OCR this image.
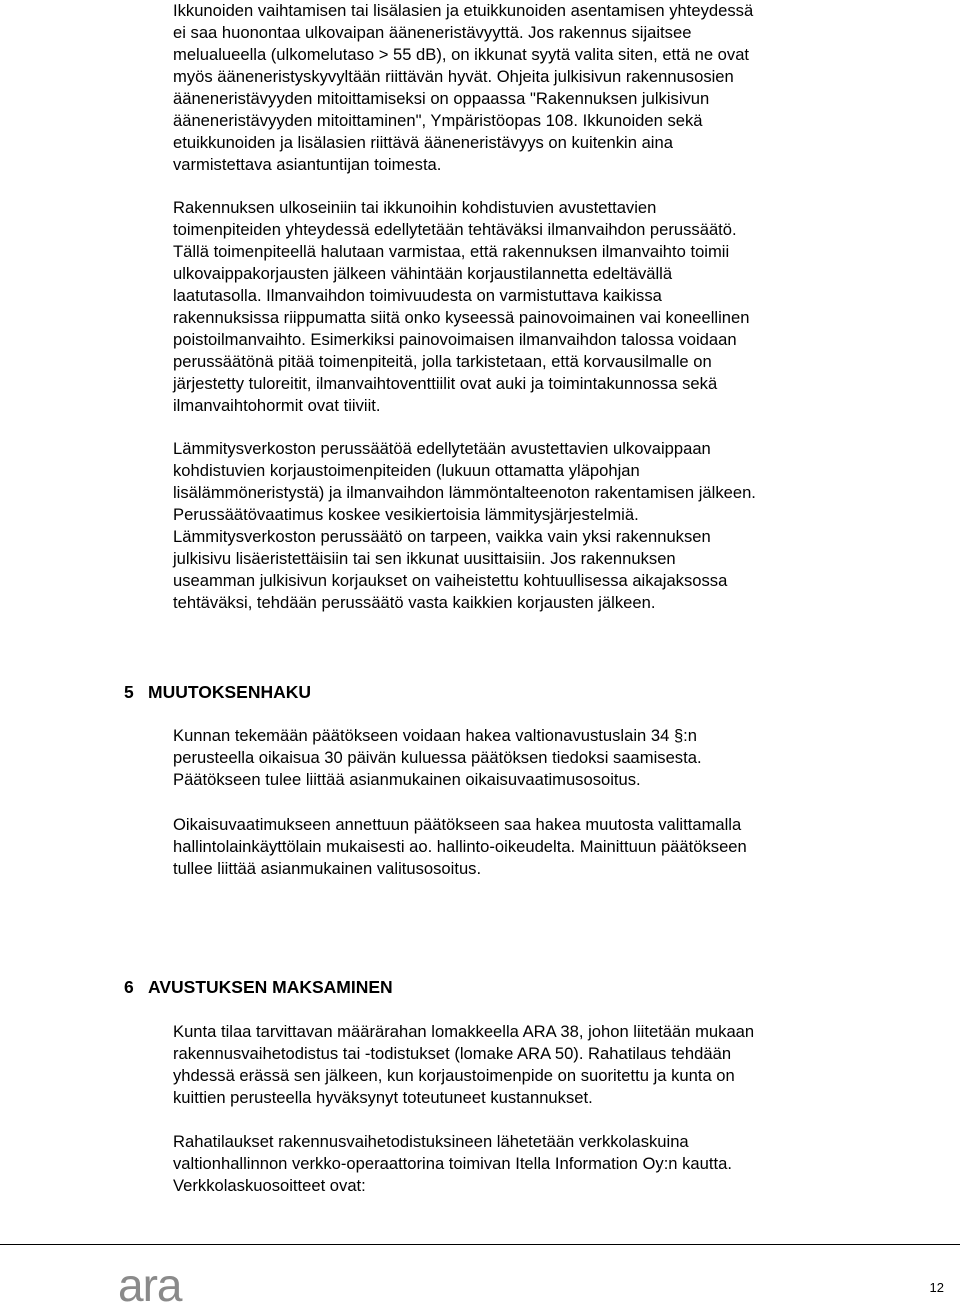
Ikkunoiden vaihtamisen tai lisälasien ja etuikkunoiden asentamisen yhteydessä
ei saa huonontaa ulkovaipan ääneneristävyyttä. Jos rakennus sijaitsee
melualueella (ulkomelutaso > 55 dB), on ikkunat syytä valita siten, että ne ovat
myös ääneneristyskyvyltään riittävän hyvät. Ohjeita julkisivun rakennusosien
ääneneristävyyden mitoittamiseksi on oppaassa "Rakennuksen julkisivun
ääneneristävyyden mitoittaminen", Ympäristöopas 108. Ikkunoiden sekä
etuikkunoiden ja lisälasien riittävä ääneneristävyys on kuitenkin aina
varmistettava asiantuntijan toimesta.

Rakennuksen ulkoseiniin tai ikkunoihin kohdistuvien avustettavien
toimenpiteiden yhteydessä edellytetään tehtäväksi ilmanvaihdon perussäätö.
Tällä toimenpiteellä halutaan varmistaa, että rakennuksen ilmanvaihto toimii
ulkovaippakorjausten jälkeen vähintään korjaustilannetta edeltävällä
laatutasolla. Ilmanvaihdon toimivuudesta on varmistuttava kaikissa
rakennuksissa riippumatta siitä onko kyseessä painovoimainen vai koneellinen
poistoilmanvaihto. Esimerkiksi painovoimaisen ilmanvaihdon talossa voidaan
perussäätönä pitää toimenpiteitä, jolla tarkistetaan, että korvausilmalle on
järjestetty tuloreitit, ilmanvaihtoventtiilit ovat auki ja toimintakunnossa sekä
ilmanvaihtohormit ovat tiiviit.

Lämmitysverkoston perussäätöä edellytetään avustettavien ulkovaippaan
kohdistuvien korjaustoimenpiteiden (lukuun ottamatta yläpohjan
lisälämmöneristystä) ja ilmanvaihdon lämmöntalteenoton rakentamisen jälkeen.
Perussäätövaatimus koskee vesikiertoisia lämmitysjärjestelmiä.
Lämmitysverkoston perussäätö on tarpeen, vaikka vain yksi rakennuksen
julkisivu lisäeristettäisiin tai sen ikkunat uusittaisiin. Jos rakennuksen
useamman julkisivun korjaukset on vaiheistettu kohtuullisessa aikajaksossa
tehtäväksi, tehdään perussäätö vasta kaikkien korjausten jälkeen.

5 MUUTOKSENHAKU

Kunnan tekemään päätökseen voidaan hakea valtionavustuslain 34 §:n
perusteella oikaisua 30 päivän kuluessa päätöksen tiedoksi saamisesta.
Päätökseen tulee liittää asianmukainen oikaisuvaatimusosoitus.

Oikaisuvaatimukseen annettuun päätökseen saa hakea muutosta valittamalla
hallintolainkäyttölain mukaisesti ao. hallinto-oikeudelta. Mainittuun päätökseen
tullee liittää asianmukainen valitusosoitus.

6 AVUSTUKSEN MAKSAMINEN

Kunta tilaa tarvittavan määrärahan lomakkeella ARA 38, johon liitetään mukaan
rakennusvaihetodistus tai -todistukset (lomake ARA 50). Rahatilaus tehdään
yhdessä erässä sen jälkeen, kun korjaustoimenpide on suoritettu ja kunta on
kuittien perusteella hyväksynyt toteutuneet kustannukset.

Rahatilaukset rakennusvaihetodistuksineen lähetetään verkkolaskuina
valtionhallinnon verkko-operaattorina toimivan Itella Information Oy:n kautta.
Verkkolaskuosoitteet ovat:

ara	12
